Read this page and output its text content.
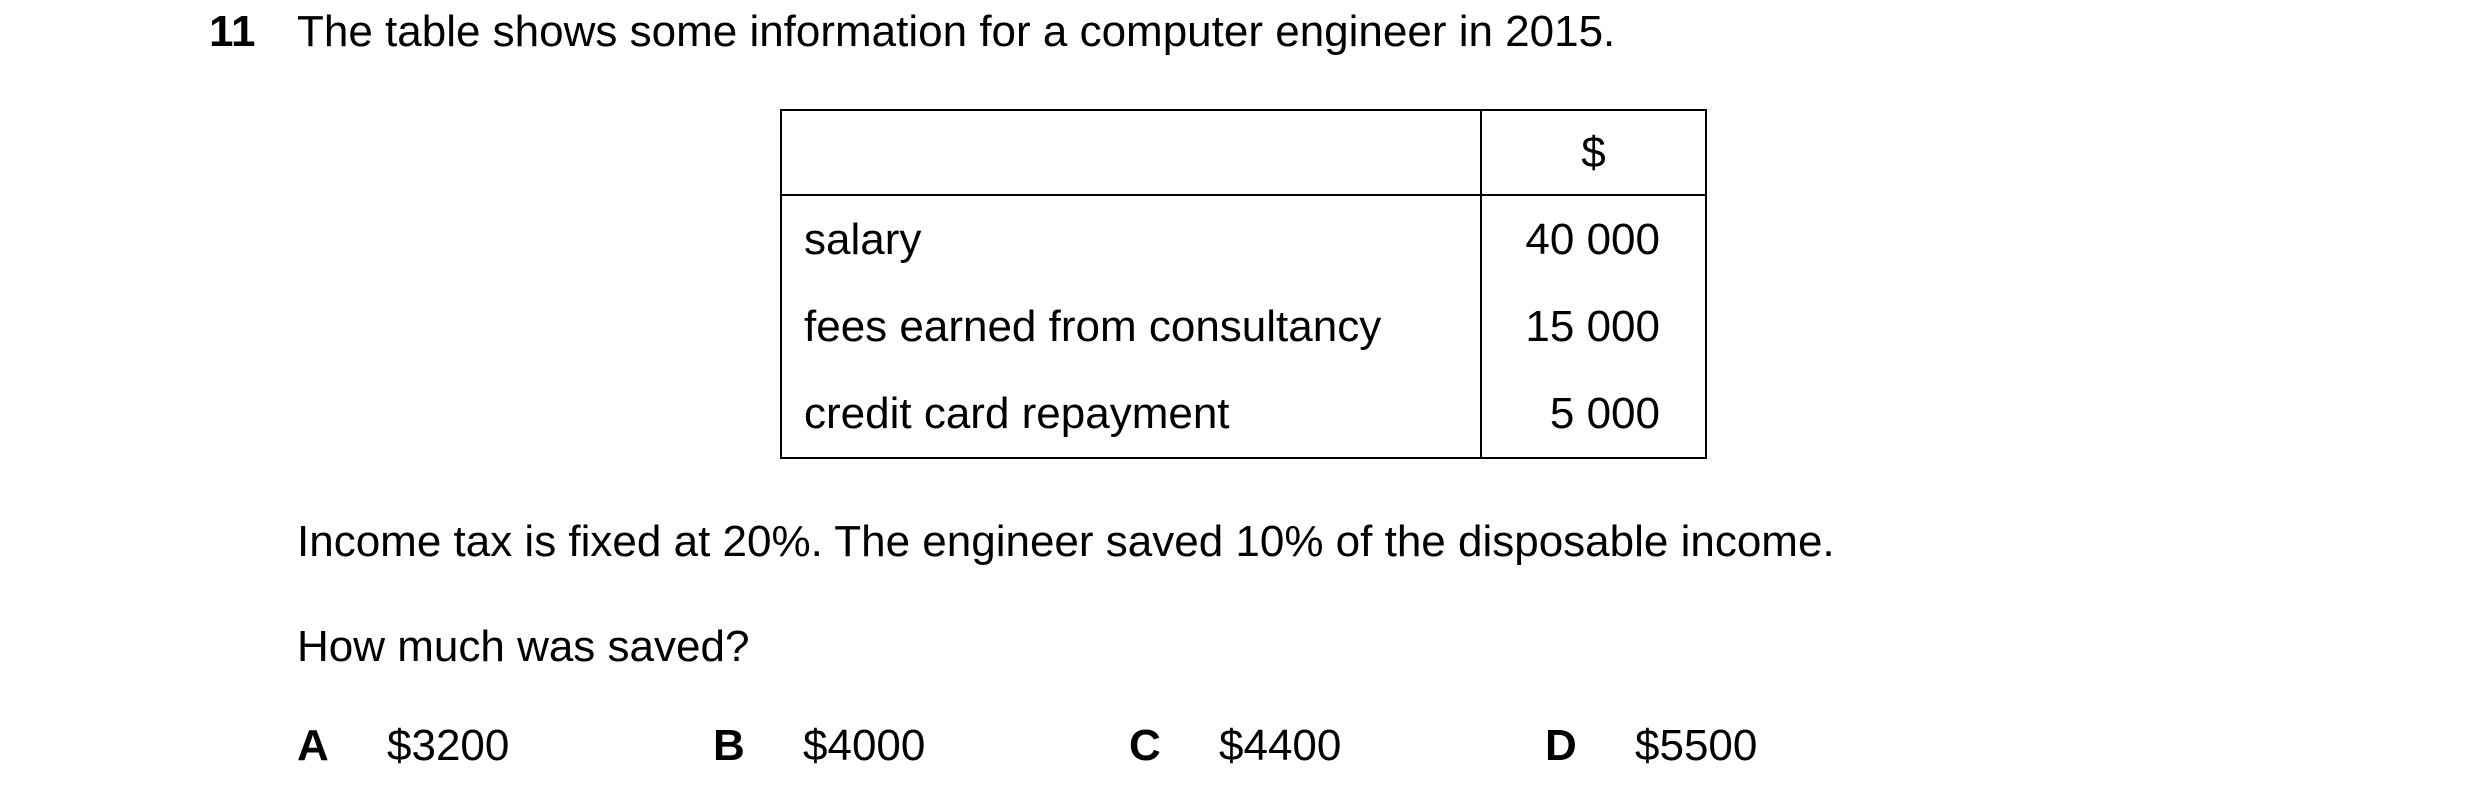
11 The table shows some information for a computer engineer in 2015.
	$
salary	40 000
fees earned from consultancy	15 000
credit card repayment	5 000
Income tax is fixed at 20%. The engineer saved 10% of the disposable income.
How much was saved?
A $3200	B $4000	C $4400	D $5500
